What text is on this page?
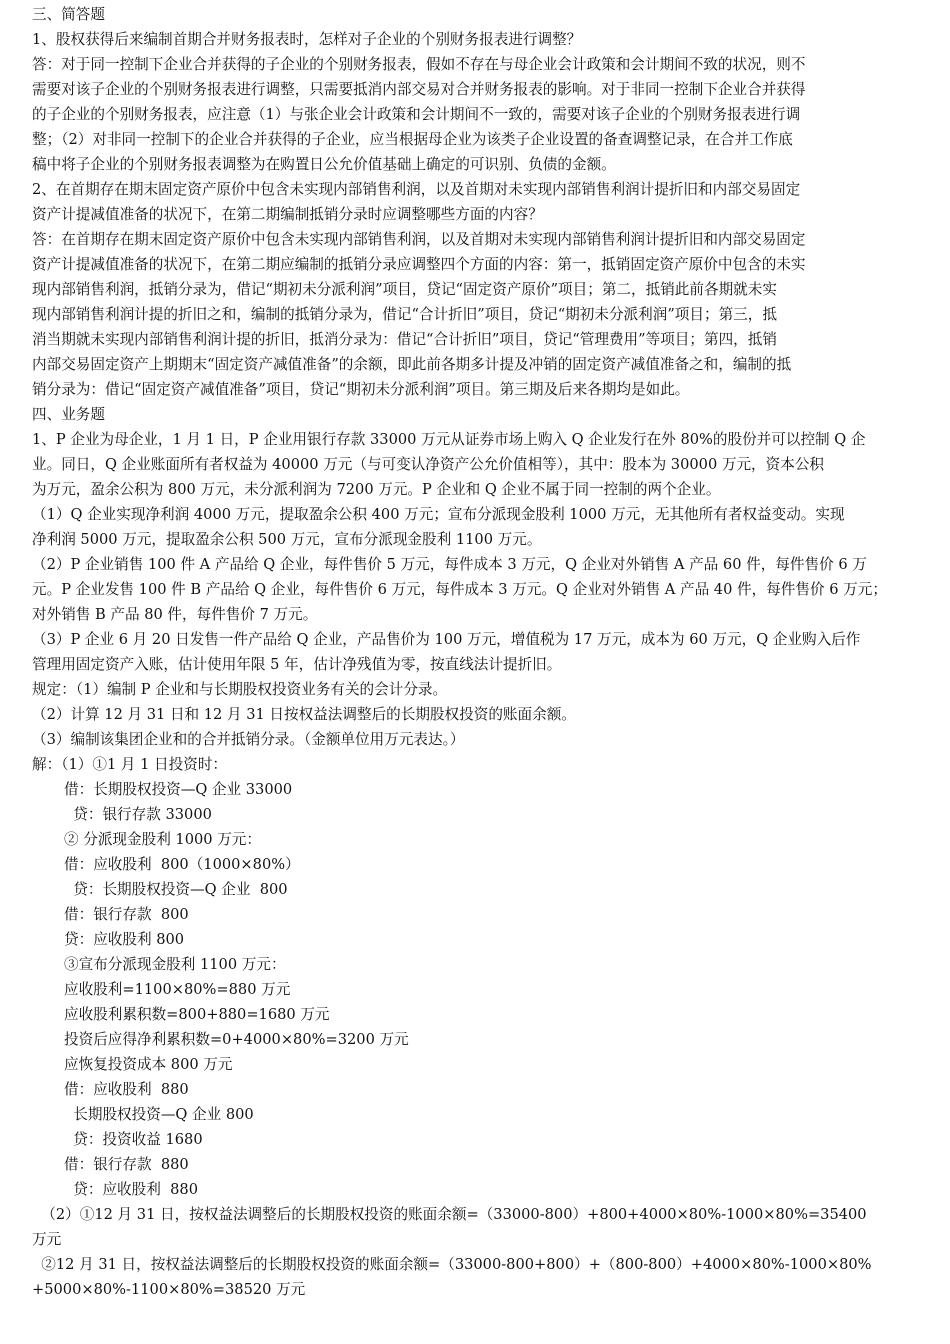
三、简答题
1、股权获得后来编制首期合并财务报表时，怎样对子企业的个别财务报表进行调整？
答：对于同一控制下企业合并获得的子企业的个别财务报表，假如不存在与母企业会计政策和会计期间不致的状况，则不
需要对该子企业的个别财务报表进行调整，只需要抵消内部交易对合并财务报表的影响。对于非同一控制下企业合并获得
的子企业的个别财务报表，应注意（1）与张企业会计政策和会计期间不一致的，需要对该子企业的个别财务报表进行调
整；（2）对非同一控制下的企业合并获得的子企业，应当根据母企业为该类子企业设置的备查调整记录，在合并工作底
稿中将子企业的个别财务报表调整为在购置日公允价值基础上确定的可识别、负债的金额。
2、在首期存在期末固定资产原价中包含未实现内部销售利润，以及首期对未实现内部销售利润计提折旧和内部交易固定
资产计提减值准备的状况下，在第二期编制抵销分录时应调整哪些方面的内容？
答：在首期存在期末固定资产原价中包含未实现内部销售利润，以及首期对未实现内部销售利润计提折旧和内部交易固定
资产计提减值准备的状况下，在第二期应编制的抵销分录应调整四个方面的内容：第一，抵销固定资产原价中包含的未实
现内部销售利润，抵销分录为，借记“期初未分派利润”项目，贷记“固定资产原价”项目；第二，抵销此前各期就未实
现内部销售利润计提的折旧之和，编制的抵销分录为，借记“合计折旧”项目，贷记“期初未分派利润”项目；第三，抵
消当期就未实现内部销售利润计提的折旧，抵消分录为：借记“合计折旧”项目，贷记“管理费用”等项目；第四，抵销
内部交易固定资产上期期末“固定资产减值准备”的余额，即此前各期多计提及冲销的固定资产减值准备之和，编制的抵
销分录为：借记“固定资产减值准备”项目，贷记“期初未分派利润”项目。第三期及后来各期均是如此。
四、业务题
1、P 企业为母企业，1 月 1 日，P 企业用银行存款 33000 万元从证券市场上购入 Q 企业发行在外 80%的股份并可以控制 Q 企
业。同日，Q 企业账面所有者权益为 40000 万元（与可变认净资产公允价值相等），其中：股本为 30000 万元，资本公积
为万元，盈余公积为 800 万元，未分派利润为 7200 万元。P 企业和 Q 企业不属于同一控制的两个企业。
（1）Q 企业实现净利润 4000 万元，提取盈余公积 400 万元；宣布分派现金股利 1000 万元，无其他所有者权益变动。实现
净利润 5000 万元，提取盈余公积 500 万元，宣布分派现金股利 1100 万元。
（2）P 企业销售 100 件 A 产品给 Q 企业，每件售价 5 万元，每件成本 3 万元，Q 企业对外销售 A 产品 60 件，每件售价 6 万
元。P 企业发售 100 件 B 产品给 Q 企业，每件售价 6 万元，每件成本 3 万元。Q 企业对外销售 A 产品 40 件，每件售价 6 万元；
对外销售 B 产品 80 件，每件售价 7 万元。
（3）P 企业 6 月 20 日发售一件产品给 Q 企业，产品售价为 100 万元，增值税为 17 万元，成本为 60 万元，Q 企业购入后作
管理用固定资产入账，估计使用年限 5 年，估计净残值为零，按直线法计提折旧。
规定：（1）编制 P 企业和与长期股权投资业务有关的会计分录。
（2）计算 12 月 31 日和 12 月 31 日按权益法调整后的长期股权投资的账面余额。
（3）编制该集团企业和的合并抵销分录。（金额单位用万元表达。）
解：（1）①1 月 1 日投资时：
借：长期股权投资—Q 企业 33000
贷：银行存款 33000
② 分派现金股利 1000 万元：
借：应收股利  800（1000×80%）
贷：长期股权投资—Q 企业  800
借：银行存款  800
贷：应收股利 800
③宣布分派现金股利 1100 万元：
应收股利=1100×80%=880 万元
应收股利累积数=800+880=1680 万元
投资后应得净利累积数=0+4000×80%=3200 万元
应恢复投资成本 800 万元
借：应收股利  880
长期股权投资—Q 企业 800
贷：投资收益 1680
借：银行存款  880
贷：应收股利  880
（2）①12 月 31 日，按权益法调整后的长期股权投资的账面余额=（33000-800）+800+4000×80%-1000×80%=35400
万元
②12 月 31 日，按权益法调整后的长期股权投资的账面余额=（33000-800+800）+（800-800）+4000×80%-1000×80%
+5000×80%-1100×80%=38520 万元
